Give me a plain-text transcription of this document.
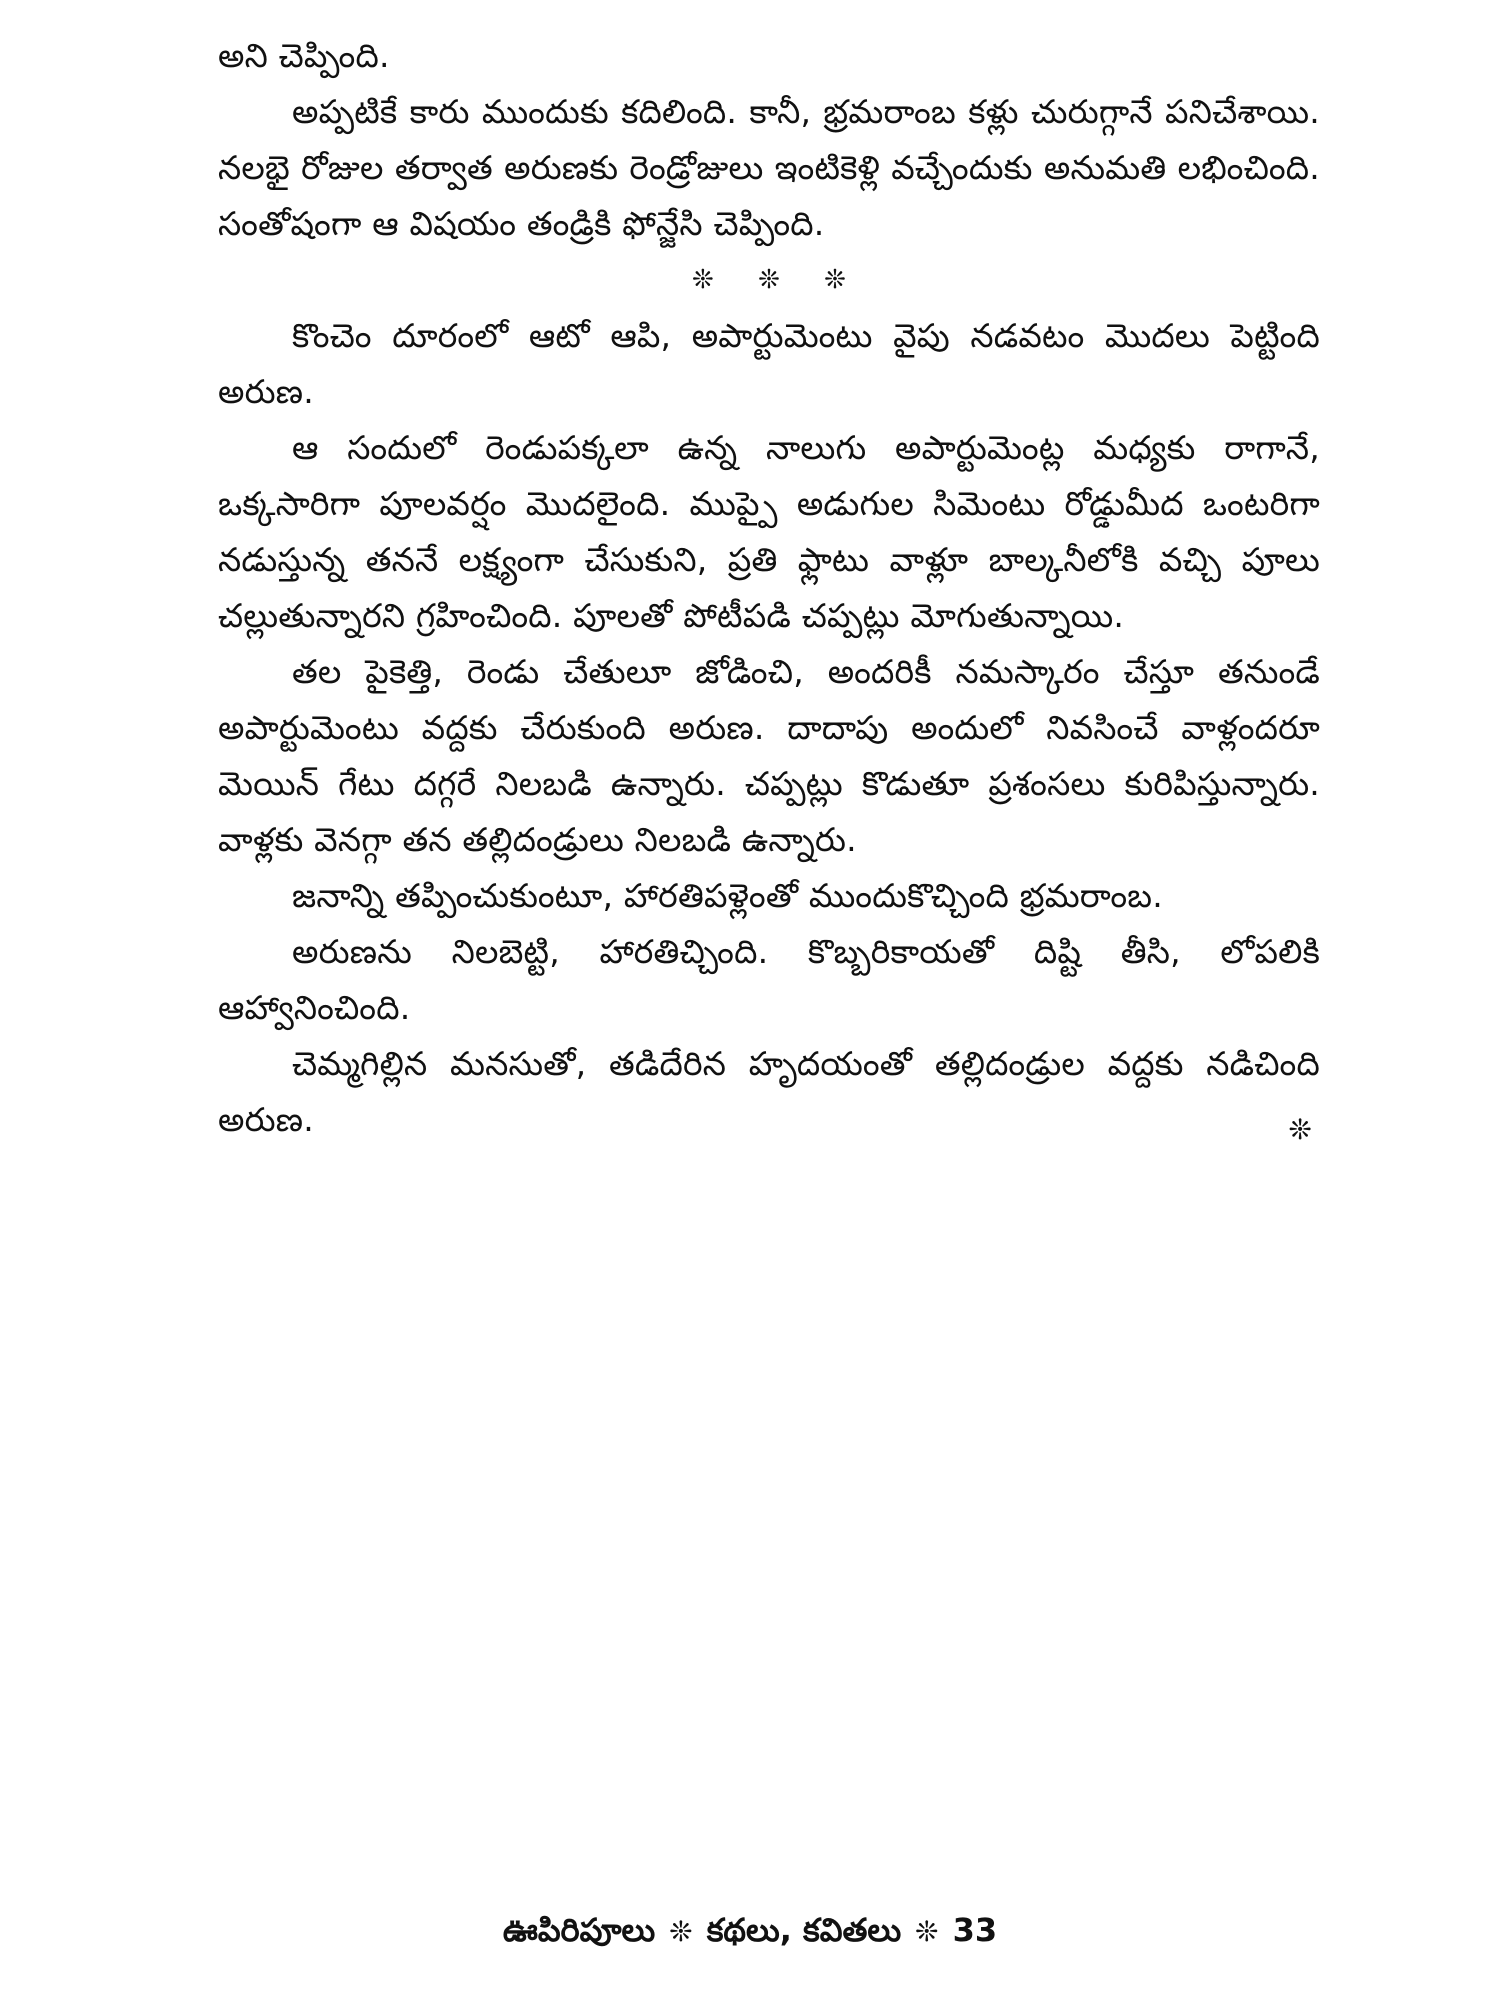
అని చెప్పింది.

అప్పటికే కారు ముందుకు కదిలింది. కానీ, భ్రమరాంబ కళ్లు చురుగ్గానే పనిచేశాయి. నలభై రోజుల తర్వాత అరుణకు రెండ్రోజులు ఇంటికెళ్లి వచ్చేందుకు అనుమతి లభించింది. సంతోషంగా ఆ విషయం తండ్రికి ఫోన్జేసి చెప్పింది.

❊ ❊ ❊

కొంచెం దూరంలో ఆటో ఆపి, అపార్టుమెంటు వైపు నడవటం మొదలు పెట్టింది అరుణ.

ఆ సందులో రెండుపక్కలా ఉన్న నాలుగు అపార్టుమెంట్ల మధ్యకు రాగానే, ఒక్కసారిగా పూలవర్షం మొదలైంది. ముప్పై అడుగుల సిమెంటు రోడ్డుమీద ఒంటరిగా నడుస్తున్న తననే లక్ష్యంగా చేసుకుని, ప్రతి ఫ్లాటు వాళ్లూ బాల్కనీలోకి వచ్చి పూలు చల్లుతున్నారని గ్రహించింది. పూలతో పోటీపడి చప్పట్లు మోగుతున్నాయి.

తల పైకెత్తి, రెండు చేతులూ జోడించి, అందరికీ నమస్కారం చేస్తూ తనుండే అపార్టుమెంటు వద్దకు చేరుకుంది అరుణ. దాదాపు అందులో నివసించే వాళ్లందరూ మెయిన్ గేటు దగ్గరే నిలబడి ఉన్నారు. చప్పట్లు కొడుతూ ప్రశంసలు కురిపిస్తున్నారు. వాళ్లకు వెనగ్గా తన తల్లిదండ్రులు నిలబడి ఉన్నారు.

జనాన్ని తప్పించుకుంటూ, హారతిపళ్లెంతో ముందుకొచ్చింది భ్రమరాంబ.

అరుణను నిలబెట్టి, హారతిచ్చింది. కొబ్బరికాయతో దిష్టి తీసి, లోపలికి ఆహ్వానించింది.

చెమ్మగిల్లిన మనసుతో, తడిదేరిన హృదయంతో తల్లిదండ్రుల వద్దకు నడిచింది అరుణ.	❊
ఊపిరిపూలు ❊ కథలు, కవితలు ❊ 33
